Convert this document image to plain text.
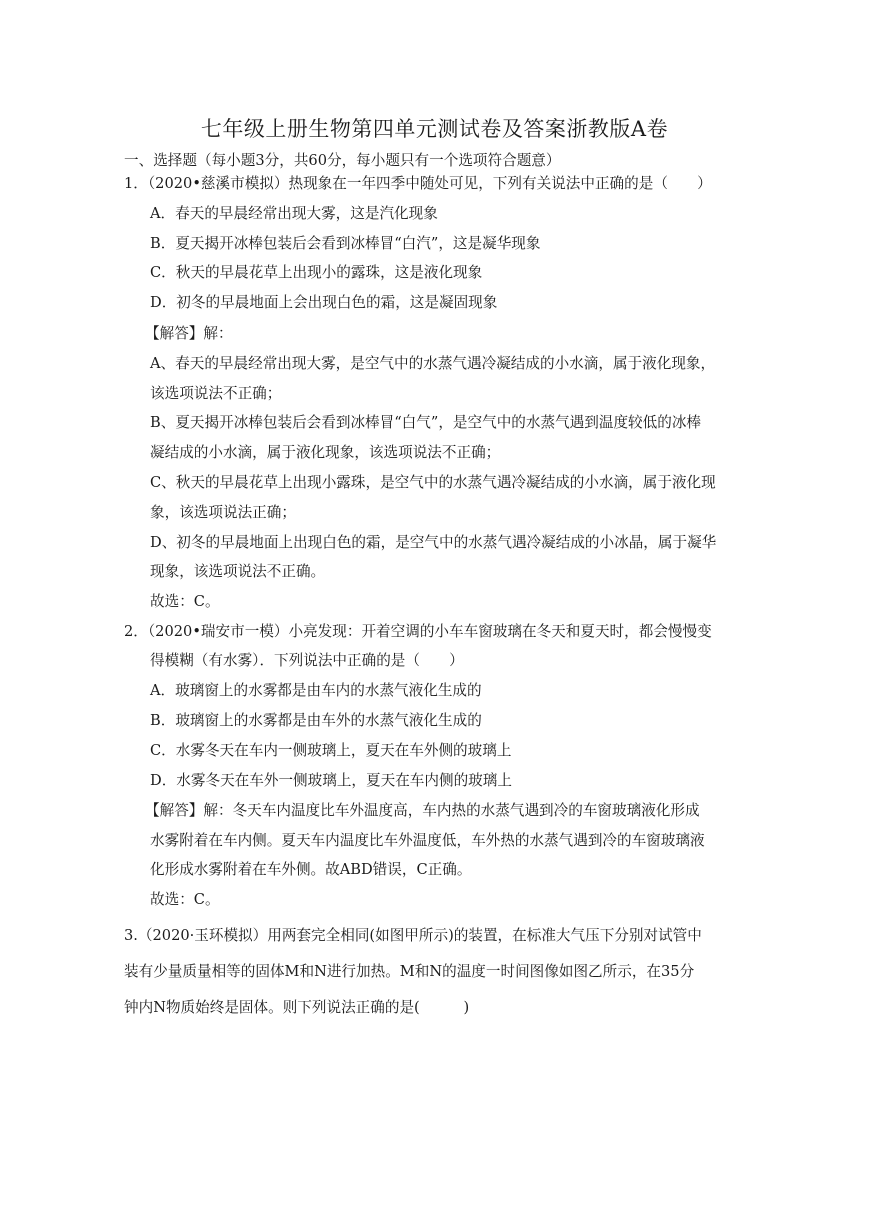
七年级上册生物第四单元测试卷及答案浙教版A卷
一、选择题（每小题3分，共60分，每小题只有一个选项符合题意）
1．（2020•慈溪市模拟）热现象在一年四季中随处可见，下列有关说法中正确的是（　　）
A．春天的早晨经常出现大雾，这是汽化现象
B．夏天揭开冰棒包装后会看到冰棒冒“白汽”，这是凝华现象
C．秋天的早晨花草上出现小的露珠，这是液化现象
D．初冬的早晨地面上会出现白色的霜，这是凝固现象
【解答】解：
A、春天的早晨经常出现大雾，是空气中的水蒸气遇冷凝结成的小水滴，属于液化现象，
该选项说法不正确；
B、夏天揭开冰棒包装后会看到冰棒冒“白气”，是空气中的水蒸气遇到温度较低的冰棒
凝结成的小水滴，属于液化现象，该选项说法不正确；
C、秋天的早晨花草上出现小露珠，是空气中的水蒸气遇冷凝结成的小水滴，属于液化现
象，该选项说法正确；
D、初冬的早晨地面上出现白色的霜，是空气中的水蒸气遇冷凝结成的小冰晶，属于凝华
现象，该选项说法不正确。
故选：C。
2．（2020•瑞安市一模）小亮发现：开着空调的小车车窗玻璃在冬天和夏天时，都会慢慢变
得模糊（有水雾）．下列说法中正确的是（　　）
A．玻璃窗上的水雾都是由车内的水蒸气液化生成的
B．玻璃窗上的水雾都是由车外的水蒸气液化生成的
C．水雾冬天在车内一侧玻璃上，夏天在车外侧的玻璃上
D．水雾冬天在车外一侧玻璃上，夏天在车内侧的玻璃上
【解答】解：冬天车内温度比车外温度高，车内热的水蒸气遇到冷的车窗玻璃液化形成
水雾附着在车内侧。夏天车内温度比车外温度低，车外热的水蒸气遇到冷的车窗玻璃液
化形成水雾附着在车外侧。故ABD错误，C正确。
故选：C。
3.（2020·玉环模拟）用两套完全相同(如图甲所示)的装置，在标准大气压下分别对试管中
装有少量质量相等的固体M和N进行加热。M和N的温度一时间图像如图乙所示，在35分
钟内N物质始终是固体。则下列说法正确的是(　　　)
